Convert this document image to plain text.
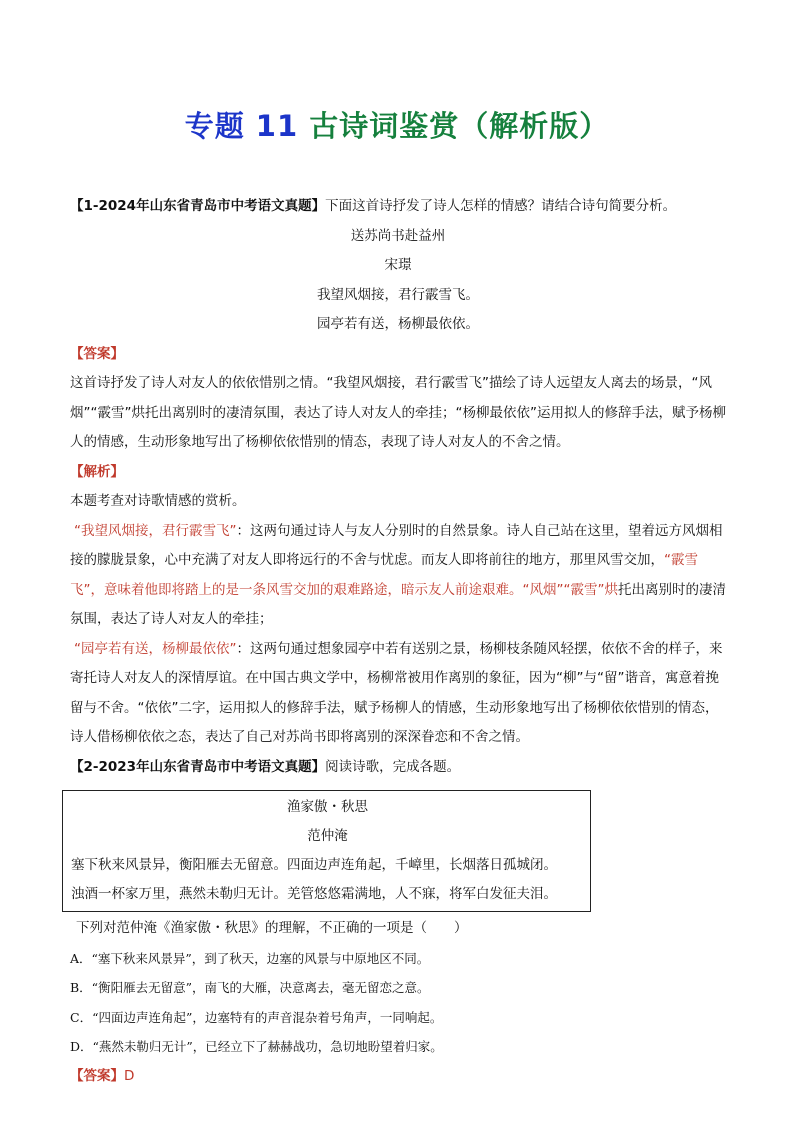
专题 11 古诗词鉴赏（解析版）

【1-2024年山东省青岛市中考语文真题】下面这首诗抒发了诗人怎样的情感？请结合诗句简要分析。

送苏尚书赴益州

宋璟

我望风烟接，君行霰雪飞。

园亭若有送，杨柳最依依。

【答案】

这首诗抒发了诗人对友人的依依惜别之情。“我望风烟接，君行霰雪飞”描绘了诗人远望友人离去的场景，“风烟”“霰雪”烘托出离别时的凄清氛围，表达了诗人对友人的牵挂；“杨柳最依依”运用拟人的修辞手法，赋予杨柳人的情感，生动形象地写出了杨柳依依惜别的情态，表现了诗人对友人的不舍之情。

【解析】

本题考查对诗歌情感的赏析。

“我望风烟接，君行霰雪飞”：这两句通过诗人与友人分别时的自然景象。诗人自己站在这里，望着远方风烟相接的朦胧景象，心中充满了对友人即将远行的不舍与忧虑。而友人即将前往的地方，那里风雪交加，“霰雪飞”，意味着他即将踏上的是一条风雪交加的艰难路途，暗示友人前途艰难。“风烟”“霰雪”烘托出离别时的凄清氛围，表达了诗人对友人的牵挂；

“园亭若有送，杨柳最依依”：这两句通过想象园亭中若有送别之景，杨柳枝条随风轻摆，依依不舍的样子，来寄托诗人对友人的深情厚谊。在中国古典文学中，杨柳常被用作离别的象征，因为“柳”与“留”谐音，寓意着挽留与不舍。“依依”二字，运用拟人的修辞手法，赋予杨柳人的情感，生动形象地写出了杨柳依依惜别的情态，诗人借杨柳依依之态，表达了自己对苏尚书即将离别的深深眷恋和不舍之情。

【2-2023年山东省青岛市中考语文真题】阅读诗歌，完成各题。

渔家傲・秋思

范仲淹

塞下秋来风景异，衡阳雁去无留意。四面边声连角起，千嶂里，长烟落日孤城闭。

浊酒一杯家万里，燕然未勒归无计。羌管悠悠霜满地，人不寐，将军白发征夫泪。

下列对范仲淹《渔家傲・秋思》的理解，不正确的一项是（　　）

A．“塞下秋来风景异”，到了秋天，边塞的风景与中原地区不同。

B．“衡阳雁去无留意”，南飞的大雁，决意离去，毫无留恋之意。

C．“四面边声连角起”，边塞特有的声音混杂着号角声，一同响起。

D．“燕然未勒归无计”，已经立下了赫赫战功，急切地盼望着归家。

【答案】D
